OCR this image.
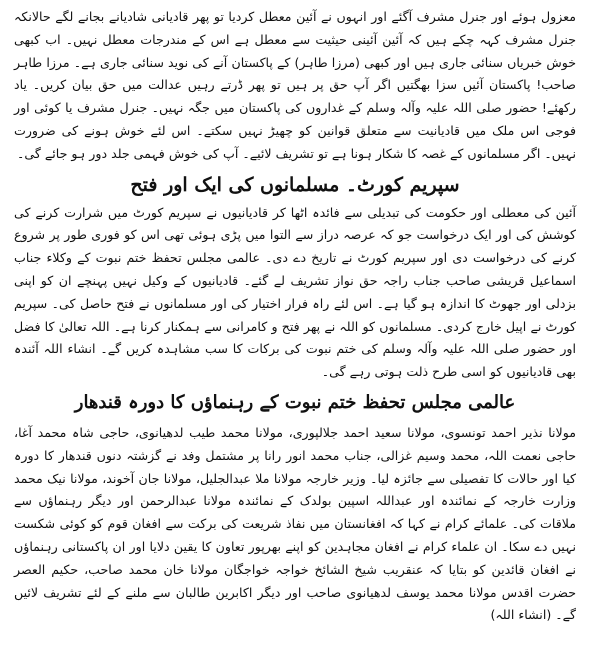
معزول ہوئے اور جنرل مشرف آگئے اور انہوں نے آئین معطل کردیا تو پھر قادیانی شادیانے بجانے لگے حالانکہ جنرل مشرف کہہ چکے ہیں کہ آئین آئینی حیثیت سے معطل ہے اس کے مندرجات معطل نہیں۔ اب کبھی خوش خبریاں سنائی جاری ہیں اور کبھی (مرزا طاہر) کے پاکستان آنے کی نوید سنائی جاری ہے۔ مرزا طاہر صاحب! پاکستان آئیں سزا بھگتیں اگر آپ حق پر ہیں تو پھر ڈرتے رہیں عدالت میں حق بیان کریں۔ یاد رکھئے! حضور صلی اللہ علیہ وآلہ وسلم کے غداروں کی پاکستان میں جگہ نہیں۔ جنرل مشرف یا کوئی اور فوجی اس ملک میں قادیانیت سے متعلق قوانین کو چھیڑ نہیں سکتے۔ اس لئے خوش ہونے کی ضرورت نہیں۔ اگر مسلمانوں کے غصہ کا شکار ہونا ہے تو تشریف لائیے۔ آپ کی خوش فہمی جلد دور ہو جائے گی۔

سپریم کورٹ۔ مسلمانوں کی ایک اور فتح

آئین کی معطلی اور حکومت کی تبدیلی سے فائدہ اٹھا کر قادیانیوں نے سپریم کورٹ میں شرارت کرنے کی کوشش کی اور ایک درخواست جو کہ عرصہ دراز سے التوا میں پڑی ہوئی تھی اس کو فوری طور پر شروع کرنے کی درخواست دی اور سپریم کورٹ نے تاریخ دے دی۔ عالمی مجلس تحفظ ختم نبوت کے وکلاء جناب اسماعیل قریشی صاحب جناب راجہ حق نواز تشریف لے گئے۔ قادیانیوں کے وکیل نہیں پہنچے ان کو اپنی بزدلی اور جھوٹ کا اندازہ ہو گیا ہے۔ اس لئے راہ فرار اختیار کی اور مسلمانوں نے فتح حاصل کی۔ سپریم کورٹ نے اپیل خارج کردی۔ مسلمانوں کو اللہ نے پھر فتح و کامرانی سے ہمکنار کرنا ہے۔ اللہ تعالیٰ کا فضل اور حضور صلی اللہ علیہ وآلہ وسلم کی ختم نبوت کی برکات کا سب مشاہدہ کریں گے۔ انشاء اللہ آئندہ بھی قادیانیوں کو اسی طرح ذلت ہوتی رہے گی۔

عالمی مجلس تحفظ ختم نبوت کے رہنماؤں کا دورہ قندھار

مولانا نذیر احمد تونسوی، مولانا سعید احمد جلالپوری، مولانا محمد طیب لدھیانوی، حاجی شاہ محمد آغا، حاجی نعمت اللہ، محمد وسیم غزالی، جناب محمد انور رانا پر مشتمل وفد نے گزشتہ دنوں قندھار کا دورہ کیا اور حالات کا تفصیلی سے جائزہ لیا۔ وزیر خارجہ مولانا ملا عبدالجلیل، مولانا جان آخوند، مولانا نیک محمد وزارت خارجہ کے نمائندہ اور عبداللہ اسپین بولدک کے نمائندہ مولانا عبدالرحمن اور دیگر رہنماؤں سے ملاقات کی۔ علمائے کرام نے کہا کہ افغانستان میں نفاذ شریعت کی برکت سے افغان قوم کو کوئی شکست نہیں دے سکا۔ ان علماء کرام نے افغان مجاہدین کو اپنے بھرپور تعاون کا یقین دلایا اور ان پاکستانی رہنماؤں نے افغان قائدین کو بتایا کہ عنقریب شیخ الشائخ خواجہ خواجگان مولانا خان محمد صاحب، حکیم العصر حضرت اقدس مولانا محمد یوسف لدھیانوی صاحب اور دیگر اکابرین طالبان سے ملنے کے لئے تشریف لائیں گے۔ (انشاء اللہ)
